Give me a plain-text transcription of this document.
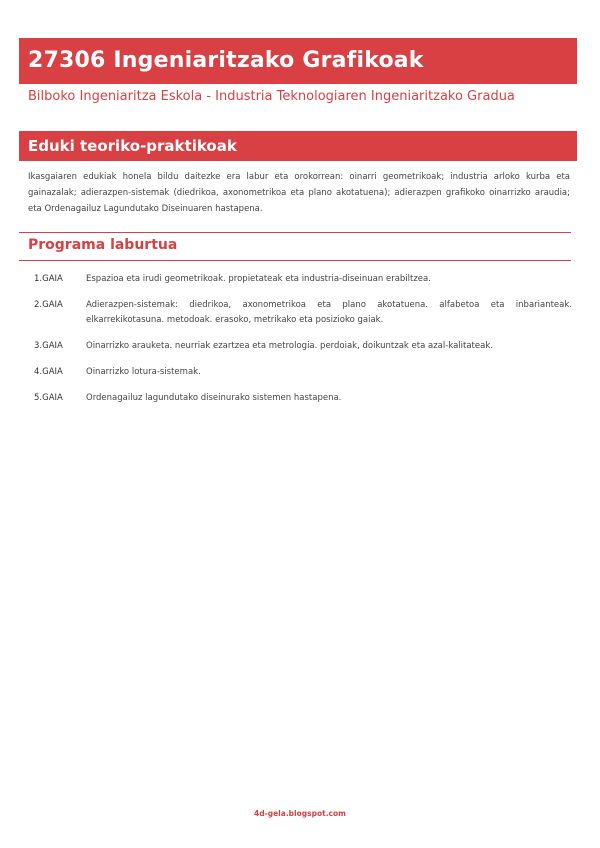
27306 Ingeniaritzako Grafikoak
Bilboko Ingeniaritza Eskola - Industria Teknologiaren Ingeniaritzako Gradua
Eduki teoriko-praktikoak
Ikasgaiaren edukiak honela bildu daitezke era labur eta orokorrean: oinarri geometrikoak; industria arloko kurba eta gainazalak; adierazpen-sistemak (diedrikoa, axonometrikoa eta plano akotatuena); adierazpen grafikoko oinarrizko araudia; eta Ordenagailuz Lagundutako Diseinuaren hastapena.
Programa laburtua
1.GAIA	Espazioa eta irudi geometrikoak. propietateak eta industria-diseinuan erabiltzea.
2.GAIA	Adierazpen-sistemak: diedrikoa, axonometrikoa eta plano akotatuena. alfabetoa eta inbarianteak. elkarrekikotasuna. metodoak. erasoko, metrikako eta posizioko gaiak.
3.GAIA	Oinarrizko arauketa. neurriak ezartzea eta metrologia. perdoiak, doikuntzak eta azal-kalitateak.
4.GAIA	Oinarrizko lotura-sistemak.
5.GAIA	Ordenagailuz lagundutako diseinurako sistemen hastapena.
4d-gela.blogspot.com
